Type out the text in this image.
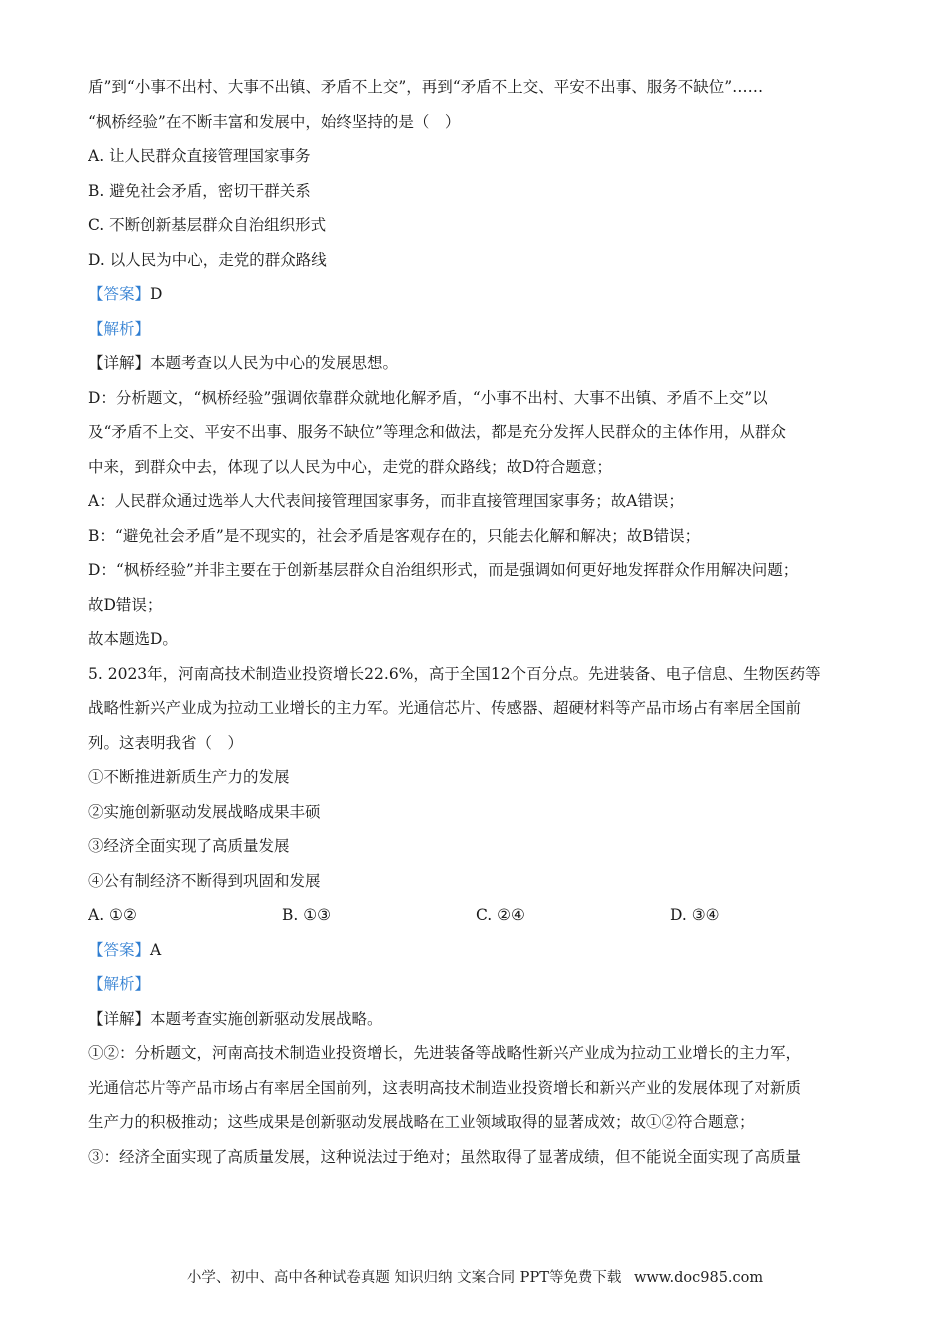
盾”到“小事不出村、大事不出镇、矛盾不上交”，再到“矛盾不上交、平安不出事、服务不缺位”……
“枫桥经验”在不断丰富和发展中，始终坚持的是（　）
A. 让人民群众直接管理国家事务
B. 避免社会矛盾，密切干群关系
C. 不断创新基层群众自治组织形式
D. 以人民为中心，走党的群众路线
【答案】D
【解析】
【详解】本题考查以人民为中心的发展思想。
D：分析题文，“枫桥经验”强调依靠群众就地化解矛盾，“小事不出村、大事不出镇、矛盾不上交”以
及“矛盾不上交、平安不出事、服务不缺位”等理念和做法，都是充分发挥人民群众的主体作用，从群众
中来，到群众中去，体现了以人民为中心，走党的群众路线；故D符合题意；
A：人民群众通过选举人大代表间接管理国家事务，而非直接管理国家事务；故A错误；
B：“避免社会矛盾”是不现实的，社会矛盾是客观存在的，只能去化解和解决；故B错误；
D：“枫桥经验”并非主要在于创新基层群众自治组织形式，而是强调如何更好地发挥群众作用解决问题；
故D错误；
故本题选D。
5. 2023年，河南高技术制造业投资增长22.6%，高于全国12个百分点。先进装备、电子信息、生物医药等
战略性新兴产业成为拉动工业增长的主力军。光通信芯片、传感器、超硬材料等产品市场占有率居全国前
列。这表明我省（　）
①不断推进新质生产力的发展
②实施创新驱动发展战略成果丰硕
③经济全面实现了高质量发展
④公有制经济不断得到巩固和发展
A. ①②	B. ①③	C. ②④	D. ③④
【答案】A
【解析】
【详解】本题考查实施创新驱动发展战略。
①②：分析题文，河南高技术制造业投资增长，先进装备等战略性新兴产业成为拉动工业增长的主力军，
光通信芯片等产品市场占有率居全国前列，这表明高技术制造业投资增长和新兴产业的发展体现了对新质
生产力的积极推动；这些成果是创新驱动发展战略在工业领域取得的显著成效；故①②符合题意；
③：经济全面实现了高质量发展，这种说法过于绝对；虽然取得了显著成绩，但不能说全面实现了高质量
小学、初中、高中各种试卷真题 知识归纳 文案合同 PPT等免费下载 www.doc985.com
